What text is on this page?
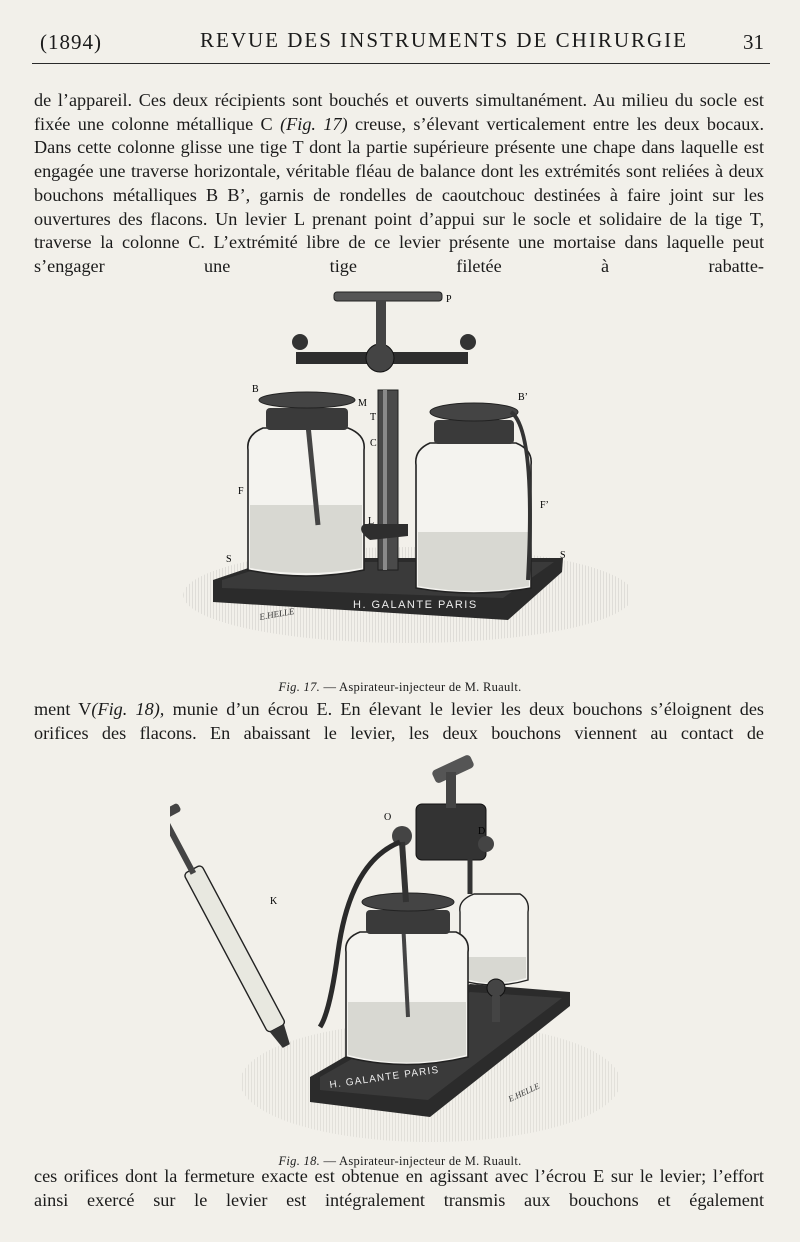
(1894)	REVUE DES INSTRUMENTS DE CHIRURGIE	31

de l’appareil. Ces deux récipients sont bouchés et ouverts simultanément. Au milieu du socle est fixée une colonne métallique C (Fig. 17) creuse, s’élevant verticalement entre les deux bocaux. Dans cette colonne glisse une tige T dont la partie supérieure présente une chape dans laquelle est engagée une traverse horizontale, véritable fléau de balance dont les extrémités sont reliées à deux bouchons métalliques B B’, garnis de rondelles de caoutchouc destinées à faire joint sur les ouvertures des flacons. Un levier L prenant point d’appui sur le socle et solidaire de la tige T, traverse la colonne C. L’extrémité libre de ce levier présente une mortaise dans laquelle peut s’engager une tige filetée à rabatte-

H. GALANTE PARIS
E.HELLE
P
B
B’
M
T
C
F
F’
L
S	S
Fig. 17. — Aspirateur-injecteur de M. Ruault.

ment V(Fig. 18), munie d’un écrou E. En élevant le levier les deux bouchons s’éloignent des orifices des flacons. En abaissant le levier, les deux bouchons viennent au contact de

H. GALANTE PARIS
E.HELLE
K
O
D
Fig. 18. — Aspirateur-injecteur de M. Ruault.

ces orifices dont la fermeture exacte est obtenue en agissant avec l’écrou E sur le levier; l’effort ainsi exercé sur le levier est intégralement transmis aux bouchons et également
